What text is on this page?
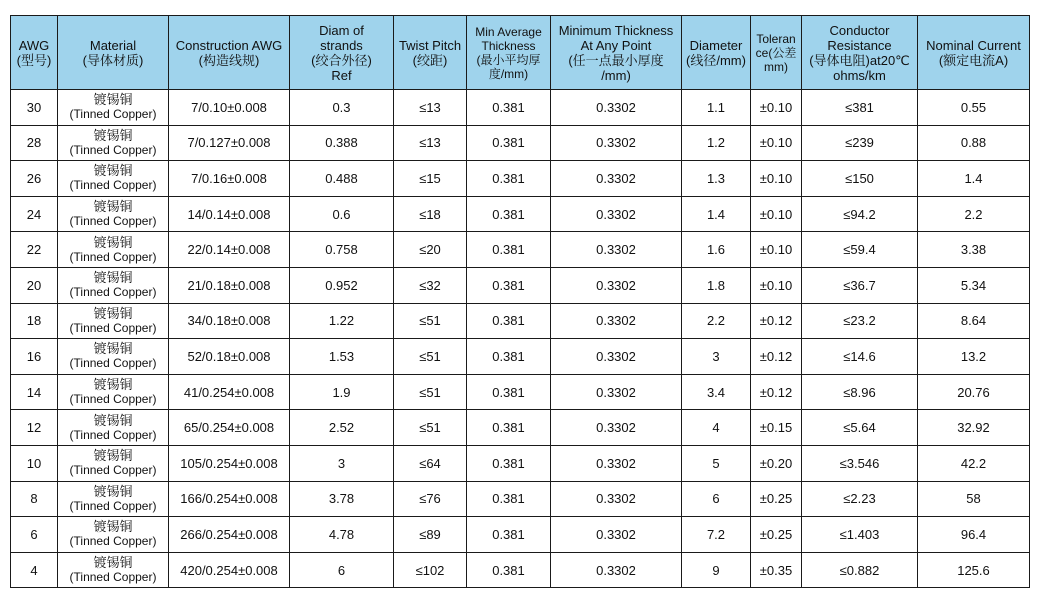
AWG
(型号)	Material
(导体材质)	Construction AWG
(构造线规)	Diam of
strands
(绞合外径)
Ref	Twist Pitch
(绞距)	Min Average
Thickness
(最小平均厚
度/mm)	Minimum Thickness
At Any Point
(任一点最小厚度
/mm)	Diameter
(线径/mm)	Toleran
ce(公差
mm)	Conductor
Resistance
(导体电阻)at20℃
ohms/km	Nominal Current
(额定电流A)

30	镀锡铜
(Tinned Copper)	7/0.10±0.008	0.3	≤13	0.381	0.3302	1.1	±0.10	≤381	0.55
28	镀锡铜
(Tinned Copper)	7/0.127±0.008	0.388	≤13	0.381	0.3302	1.2	±0.10	≤239	0.88
26	镀锡铜
(Tinned Copper)	7/0.16±0.008	0.488	≤15	0.381	0.3302	1.3	±0.10	≤150	1.4
24	镀锡铜
(Tinned Copper)	14/0.14±0.008	0.6	≤18	0.381	0.3302	1.4	±0.10	≤94.2	2.2
22	镀锡铜
(Tinned Copper)	22/0.14±0.008	0.758	≤20	0.381	0.3302	1.6	±0.10	≤59.4	3.38
20	镀锡铜
(Tinned Copper)	21/0.18±0.008	0.952	≤32	0.381	0.3302	1.8	±0.10	≤36.7	5.34
18	镀锡铜
(Tinned Copper)	34/0.18±0.008	1.22	≤51	0.381	0.3302	2.2	±0.12	≤23.2	8.64
16	镀锡铜
(Tinned Copper)	52/0.18±0.008	1.53	≤51	0.381	0.3302	3	±0.12	≤14.6	13.2
14	镀锡铜
(Tinned Copper)	41/0.254±0.008	1.9	≤51	0.381	0.3302	3.4	±0.12	≤8.96	20.76
12	镀锡铜
(Tinned Copper)	65/0.254±0.008	2.52	≤51	0.381	0.3302	4	±0.15	≤5.64	32.92
10	镀锡铜
(Tinned Copper)	105/0.254±0.008	3	≤64	0.381	0.3302	5	±0.20	≤3.546	42.2
8	镀锡铜
(Tinned Copper)	166/0.254±0.008	3.78	≤76	0.381	0.3302	6	±0.25	≤2.23	58
6	镀锡铜
(Tinned Copper)	266/0.254±0.008	4.78	≤89	0.381	0.3302	7.2	±0.25	≤1.403	96.4
4	镀锡铜
(Tinned Copper)	420/0.254±0.008	6	≤102	0.381	0.3302	9	±0.35	≤0.882	125.6
